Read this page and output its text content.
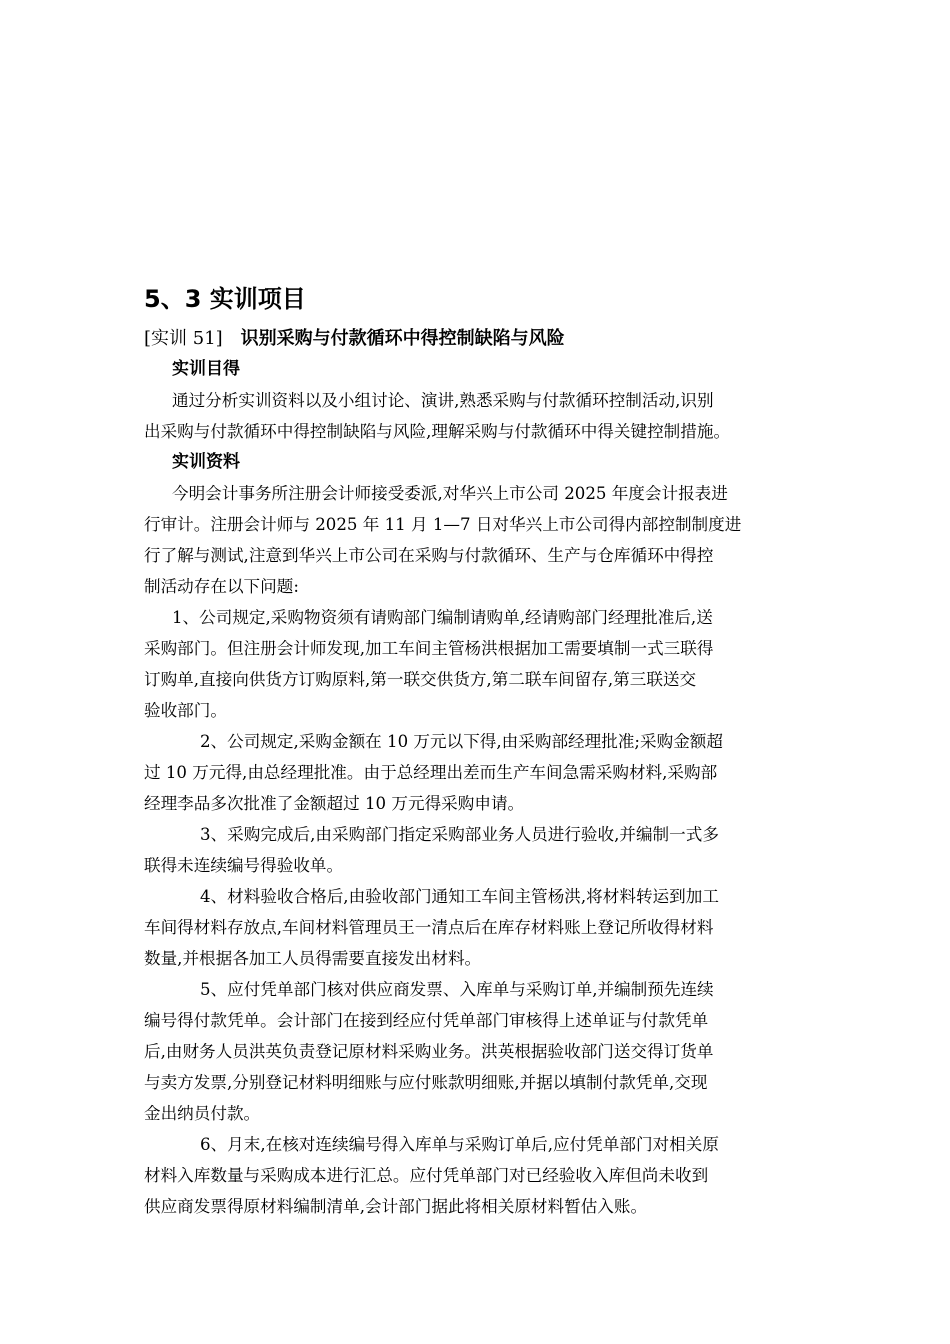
5、3 实训项目
[实训 51] 识别采购与付款循环中得控制缺陷与风险
实训目得
通过分析实训资料以及小组讨论、演讲,熟悉采购与付款循环控制活动,识别
出采购与付款循环中得控制缺陷与风险,理解采购与付款循环中得关键控制措施。
实训资料
今明会计事务所注册会计师接受委派,对华兴上市公司 2025 年度会计报表进
行审计。注册会计师与 2025 年 11 月 1—7 日对华兴上市公司得内部控制制度进
行了解与测试,注意到华兴上市公司在采购与付款循环、生产与仓库循环中得控
制活动存在以下问题:
1、公司规定,采购物资须有请购部门编制请购单,经请购部门经理批准后,送
采购部门。但注册会计师发现,加工车间主管杨洪根据加工需要填制一式三联得
订购单,直接向供货方订购原料,第一联交供货方,第二联车间留存,第三联送交
验收部门。
2、公司规定,采购金额在 10 万元以下得,由采购部经理批准;采购金额超
过 10 万元得,由总经理批准。由于总经理出差而生产车间急需采购材料,采购部
经理李品多次批准了金额超过 10 万元得采购申请。
3、采购完成后,由采购部门指定采购部业务人员进行验收,并编制一式多
联得未连续编号得验收单。
4、材料验收合格后,由验收部门通知工车间主管杨洪,将材料转运到加工
车间得材料存放点,车间材料管理员王一清点后在库存材料账上登记所收得材料
数量,并根据各加工人员得需要直接发出材料。
5、应付凭单部门核对供应商发票、入库单与采购订单,并编制预先连续
编号得付款凭单。会计部门在接到经应付凭单部门审核得上述单证与付款凭单
后,由财务人员洪英负责登记原材料采购业务。洪英根据验收部门送交得订货单
与卖方发票,分别登记材料明细账与应付账款明细账,并据以填制付款凭单,交现
金出纳员付款。
6、月末,在核对连续编号得入库单与采购订单后,应付凭单部门对相关原
材料入库数量与采购成本进行汇总。应付凭单部门对已经验收入库但尚未收到
供应商发票得原材料编制清单,会计部门据此将相关原材料暂估入账。
